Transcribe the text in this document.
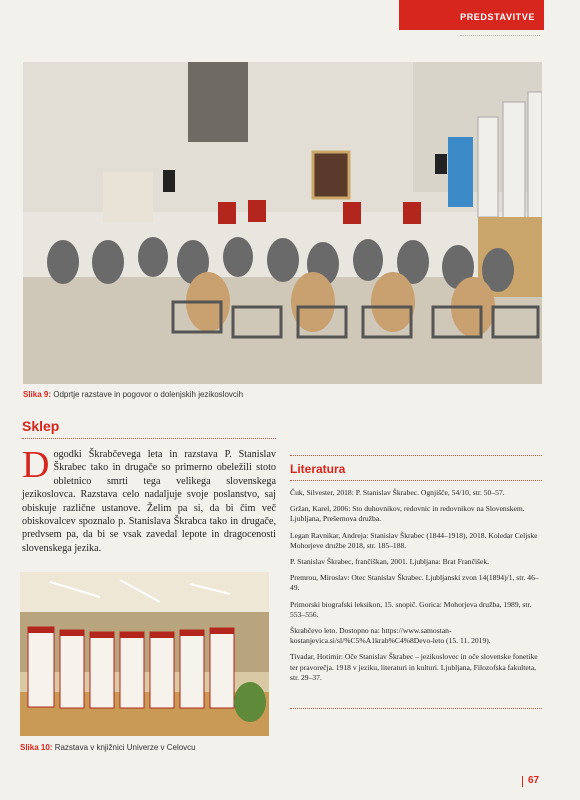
PREDSTAVITVE
Slika 9: Odprtje razstave in pogovor o dolenjskih jezikoslovcih
Sklep
Dogodki Škrabčevega leta in razstava P. Stanislav Škrabec tako in drugače so primerno obeležili stoto obletnico smrti tega velikega slovenskega jezikoslovca. Razstava celo nadaljuje svoje poslanstvo, saj obiskuje različne ustanove. Želim pa si, da bi čim več obiskovalcev spoznalo p. Stanislava Škrabca tako in drugače, predvsem pa, da bi se vsak zavedal lepote in dragocenosti slovenskega jezika.
Literatura
Čuk, Silvester, 2018: P. Stanislav Škrabec. Ognjišče, 54/10, str. 50–57.
Gržan, Karel, 2006: Sto duhovnikov, redovnic in redovnikov na Slovenskem. Ljubljana, Prešernova družba.
Legan Ravnikar, Andreja: Stanislav Škrabec (1844–1918), 2018. Koledar Celjske Mohorjeve družbe 2018, str. 185–188.
P. Stanislav Škrabec, frančiškan, 2001. Ljubljana: Brat Frančišek.
Premrou, Miroslav: Otec Stanislav Škrabec. Ljubljanski zvon 14(1894)/1, str. 46–49.
Primorski biografski leksikon, 15. snopič. Gorica: Mohorjeva družba, 1989, str. 553–556.
Škrabčevo leto. Dostopno na: https://www.samostan-kostanjevica.si/sl/%C5%A1krab%C4%8Devo-leto (15. 11. 2019).
Tivadar, Hotimir: Oče Stanislav Škrabec – jezikoslovec in oče slovenske fonetike ter pravorečja. 1918 v jeziku, literaturi in kulturi. Ljubljana, Filozofska fakulteta, str. 29–37.
Slika 10: Razstava v knjižnici Univerze v Celovcu
67
